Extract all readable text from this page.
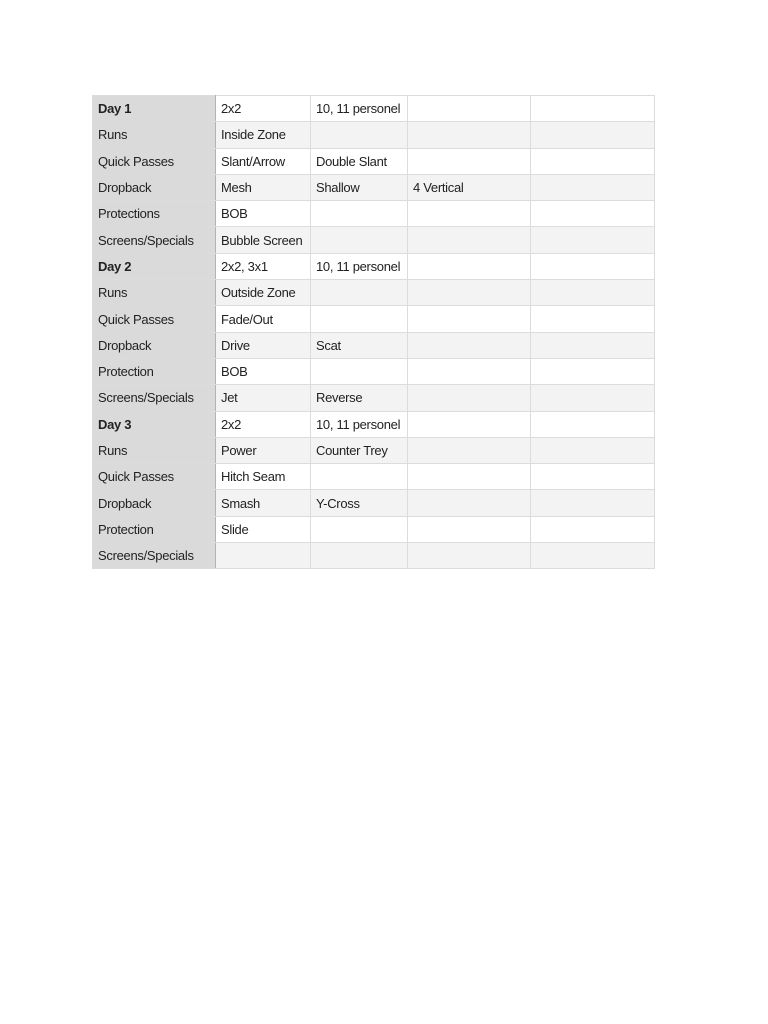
Day 1	2x2	10, 11 personel		
Runs	Inside Zone			
Quick Passes	Slant/Arrow	Double Slant		
Dropback	Mesh	Shallow	4 Vertical	
Protections	BOB			
Screens/Specials	Bubble Screen			
Day 2	2x2, 3x1	10, 11 personel		
Runs	Outside Zone			
Quick Passes	Fade/Out			
Dropback	Drive	Scat		
Protection	BOB			
Screens/Specials	Jet	Reverse		
Day 3	2x2	10, 11 personel		
Runs	Power	Counter Trey		
Quick Passes	Hitch Seam			
Dropback	Smash	Y-Cross		
Protection	Slide			
Screens/Specials				
